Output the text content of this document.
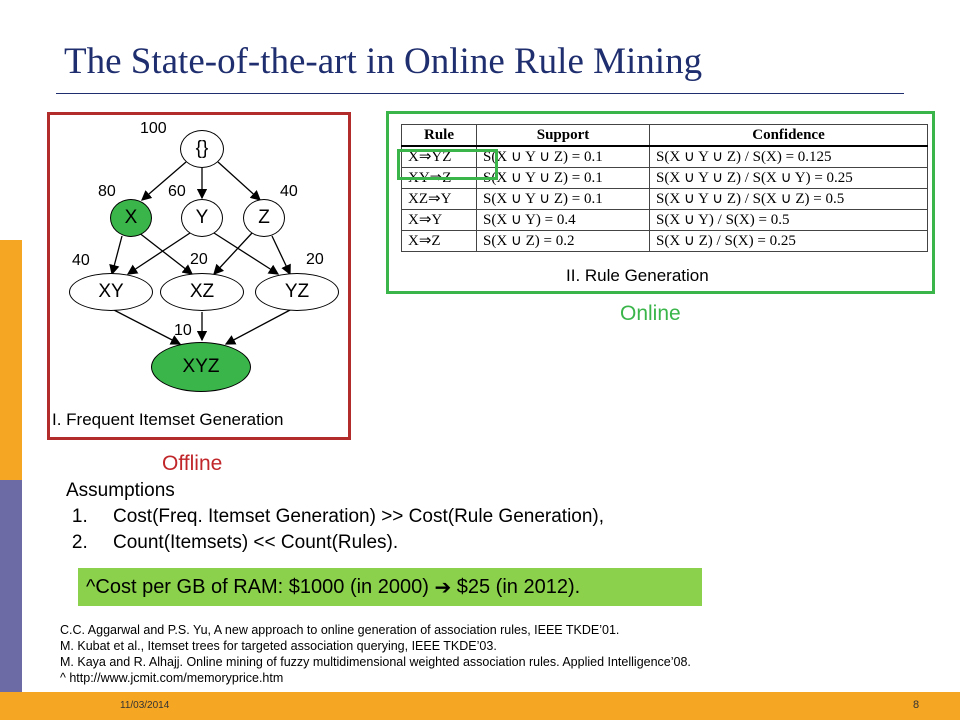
The State-of-the-art in Online Rule Mining
{}
X	Y	Z
XY	XZ	YZ
XYZ
100
80	60	40
40	20	20
10
I. Frequent Itemset Generation
Offline
Rule	Support	Confidence
X⇒YZ	S(X ∪ Y ∪ Z) = 0.1	S(X ∪ Y ∪ Z) / S(X) = 0.125
XY⇒Z	S(X ∪ Y ∪ Z) = 0.1	S(X ∪ Y ∪ Z) / S(X ∪ Y) = 0.25
XZ⇒Y	S(X ∪ Y ∪ Z) = 0.1	S(X ∪ Y ∪ Z) / S(X ∪ Z) = 0.5
X⇒Y	S(X ∪ Y) = 0.4	S(X ∪ Y) / S(X) = 0.5
X⇒Z	S(X ∪ Z) = 0.2	S(X ∪ Z) / S(X) = 0.25
II. Rule Generation
Online
Assumptions
1. Cost(Freq. Itemset Generation) >> Cost(Rule Generation),
2. Count(Itemsets) << Count(Rules).
^Cost per GB of RAM: $1000 (in 2000) ➔ $25 (in 2012).
C.C. Aggarwal and P.S. Yu, A new approach to online generation of association rules, IEEE TKDE’01.
M. Kubat et al., Itemset trees for targeted association querying, IEEE TKDE’03.
M. Kaya and R. Alhajj. Online mining of fuzzy multidimensional weighted association rules. Applied Intelligence’08.
^ http://www.jcmit.com/memoryprice.htm
11/03/2014	8
